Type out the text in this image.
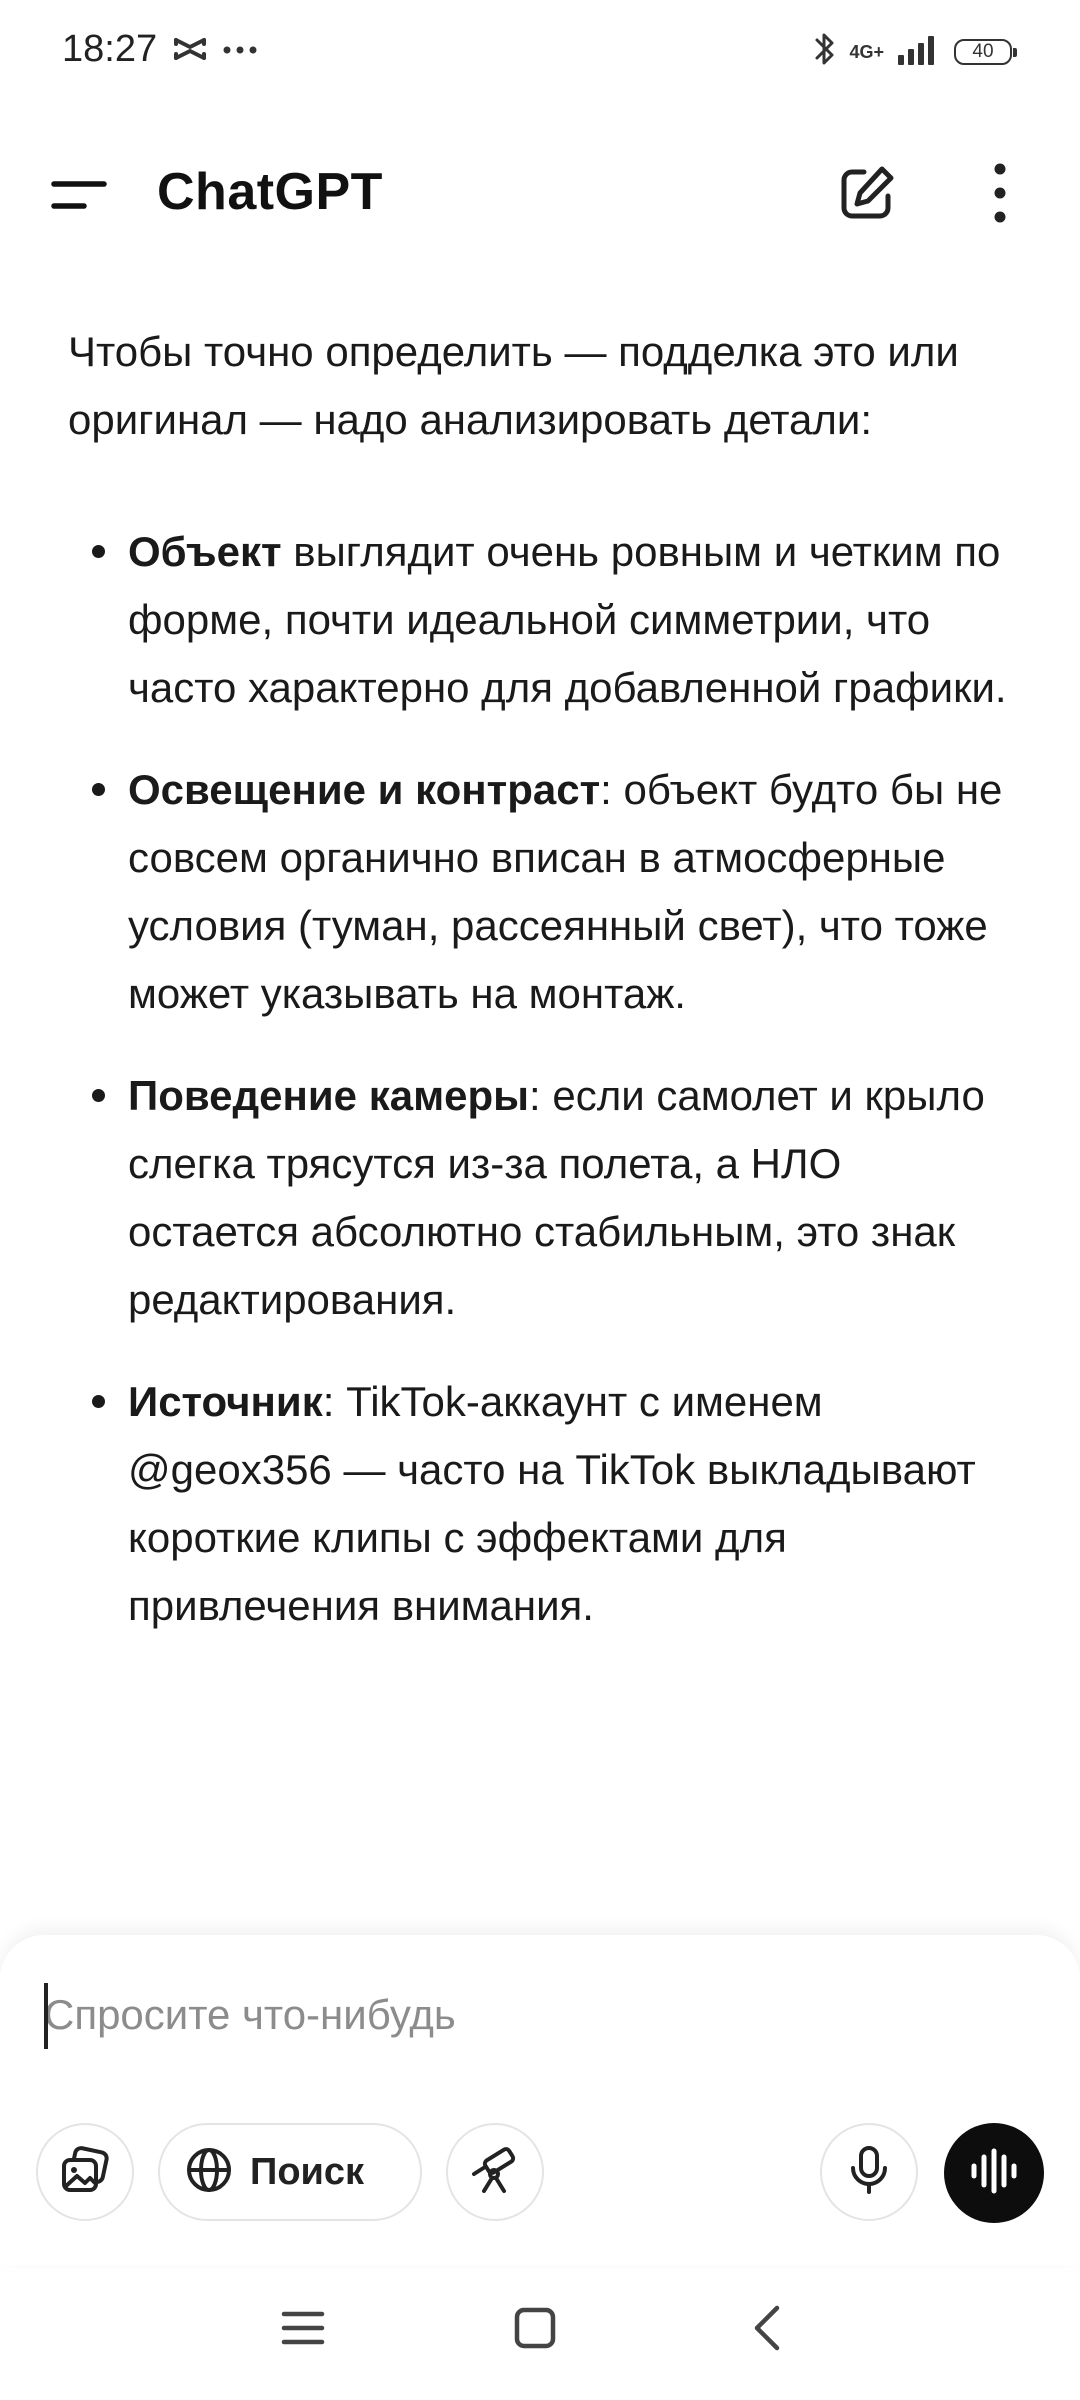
18:27	4G+	40
ChatGPT

Чтобы точно определить — подделка это или оригинал — надо анализировать детали:

Объект выглядит очень ровным и четким по форме, почти идеальной симметрии, что часто характерно для добавленной графики.
Освещение и контраст: объект будто бы не совсем органично вписан в атмосферные условия (туман, рассеянный свет), что тоже может указывать на монтаж.
Поведение камеры: если самолет и крыло слегка трясутся из-за полета, а НЛО остается абсолютно стабильным, это знак редактирования.
Источник: TikTok-аккаунт с именем @geox356 — часто на TikTok выкладывают короткие клипы с эффектами для привлечения внимания.
Спросите что-нибудь
Поиск
